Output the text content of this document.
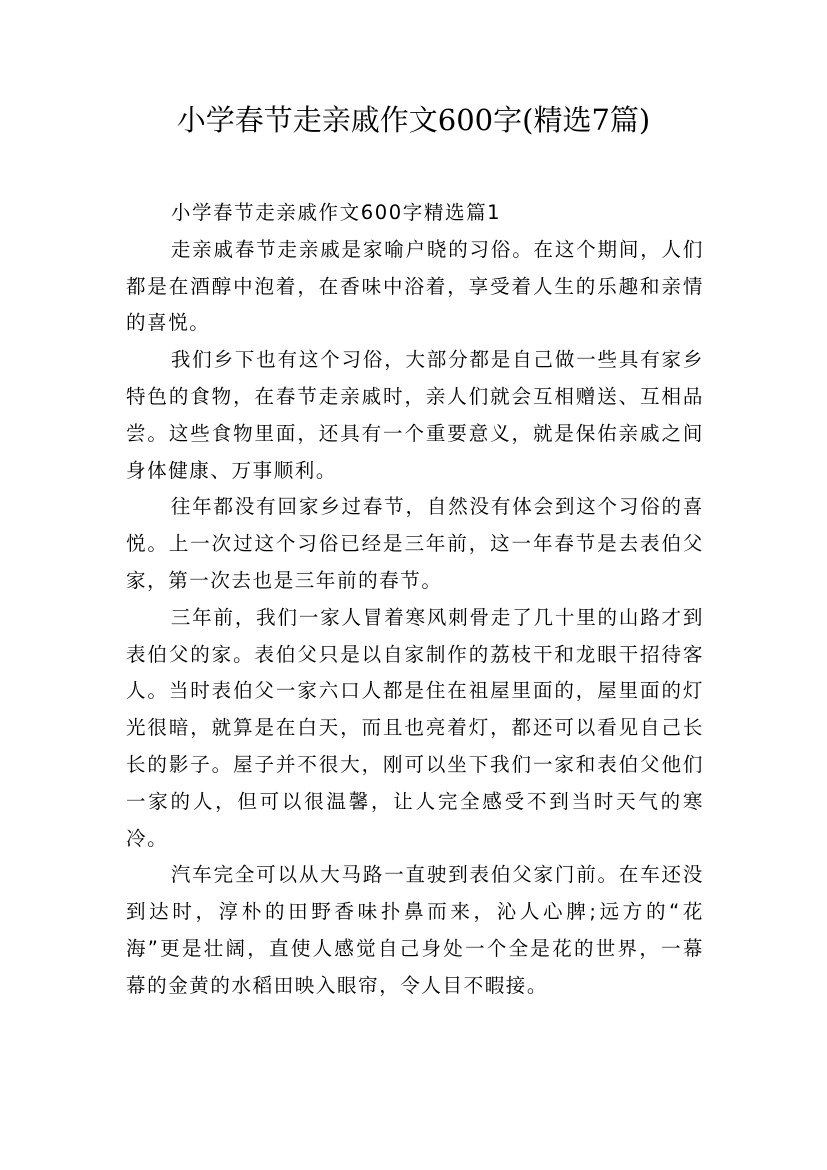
小学春节走亲戚作文600字(精选7篇)
小学春节走亲戚作文600字精选篇1

走亲戚春节走亲戚是家喻户晓的习俗。在这个期间，人们都是在酒醇中泡着，在香味中浴着，享受着人生的乐趣和亲情的喜悦。

我们乡下也有这个习俗，大部分都是自己做一些具有家乡特色的食物，在春节走亲戚时，亲人们就会互相赠送、互相品尝。这些食物里面，还具有一个重要意义，就是保佑亲戚之间身体健康、万事顺利。

往年都没有回家乡过春节，自然没有体会到这个习俗的喜悦。上一次过这个习俗已经是三年前，这一年春节是去表伯父家，第一次去也是三年前的春节。

三年前，我们一家人冒着寒风刺骨走了几十里的山路才到表伯父的家。表伯父只是以自家制作的荔枝干和龙眼干招待客人。当时表伯父一家六口人都是住在祖屋里面的，屋里面的灯光很暗，就算是在白天，而且也亮着灯，都还可以看见自己长长的影子。屋子并不很大，刚可以坐下我们一家和表伯父他们一家的人，但可以很温馨，让人完全感受不到当时天气的寒冷。

汽车完全可以从大马路一直驶到表伯父家门前。在车还没到达时，淳朴的田野香味扑鼻而来，沁人心脾;远方的“花海”更是壮阔，直使人感觉自己身处一个全是花的世界，一幕幕的金黄的水稻田映入眼帘，令人目不暇接。
